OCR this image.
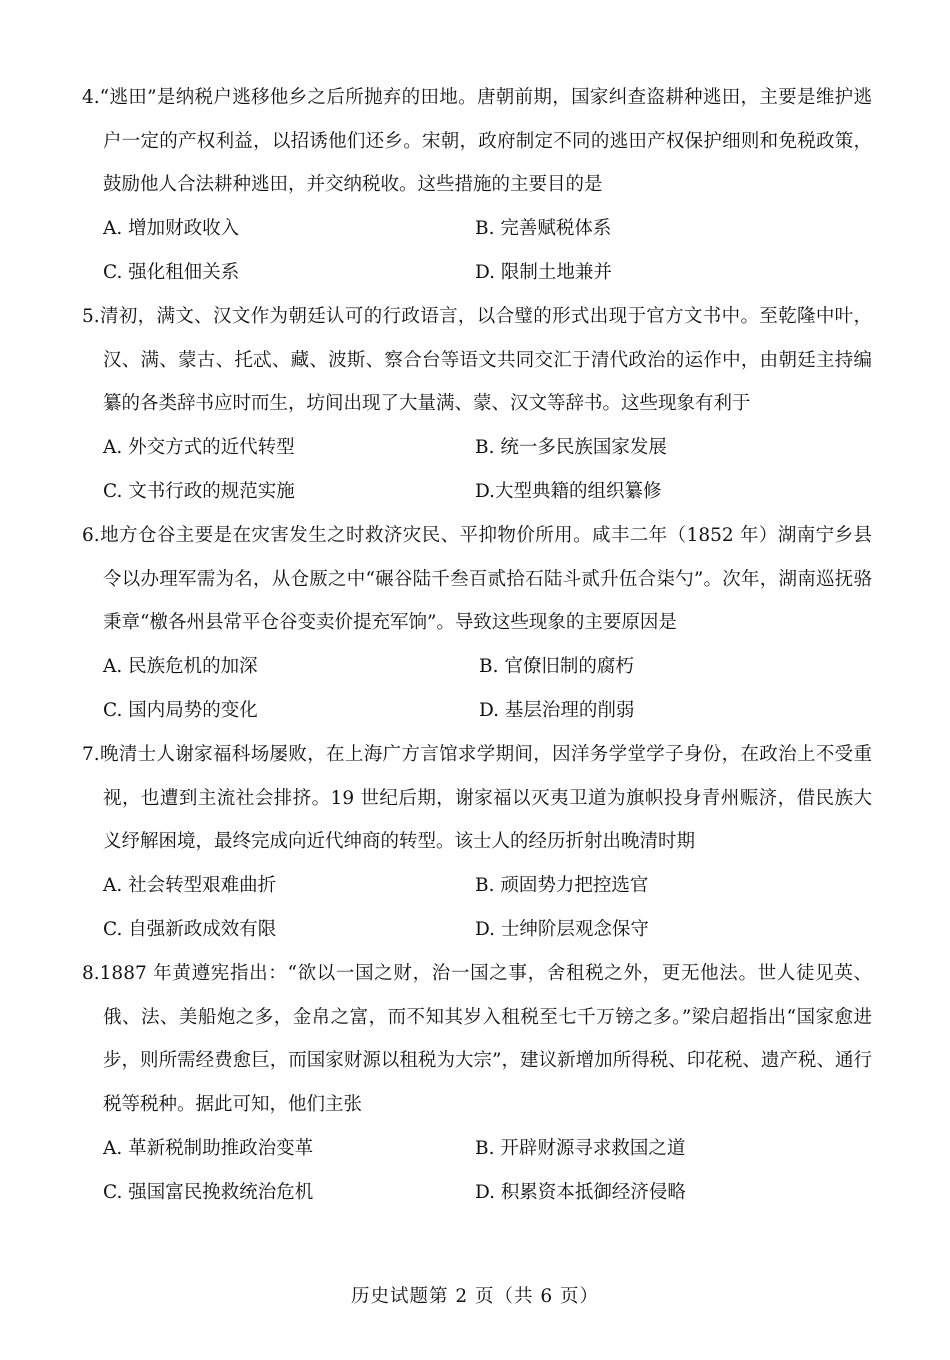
4.“逃田”是纳税户逃移他乡之后所抛弃的田地。唐朝前期，国家纠查盗耕种逃田，主要是维护逃户一定的产权利益，以招诱他们还乡。宋朝，政府制定不同的逃田产权保护细则和免税政策，鼓励他人合法耕种逃田，并交纳税收。这些措施的主要目的是
A. 增加财政收入	B. 完善赋税体系
C. 强化租佃关系	D. 限制土地兼并
5.清初，满文、汉文作为朝廷认可的行政语言，以合璧的形式出现于官方文书中。至乾隆中叶，汉、满、蒙古、托忒、藏、波斯、察合台等语文共同交汇于清代政治的运作中，由朝廷主持编纂的各类辞书应时而生，坊间出现了大量满、蒙、汉文等辞书。这些现象有利于
A. 外交方式的近代转型	B. 统一多民族国家发展
C. 文书行政的规范实施	D.大型典籍的组织纂修
6.地方仓谷主要是在灾害发生之时救济灾民、平抑物价所用。咸丰二年（1852 年）湖南宁乡县令以办理军需为名，从仓厫之中“碾谷陆千叁百贰拾石陆斗贰升伍合柒勺”。次年，湖南巡抚骆秉章“檄各州县常平仓谷变卖价提充军饷”。导致这些现象的主要原因是
A. 民族危机的加深	B. 官僚旧制的腐朽
C. 国内局势的变化	D. 基层治理的削弱
7.晚清士人谢家福科场屡败，在上海广方言馆求学期间，因洋务学堂学子身份，在政治上不受重视，也遭到主流社会排挤。19 世纪后期，谢家福以灭夷卫道为旗帜投身青州赈济，借民族大义纾解困境，最终完成向近代绅商的转型。该士人的经历折射出晚清时期
A. 社会转型艰难曲折	B. 顽固势力把控选官
C. 自强新政成效有限	D. 士绅阶层观念保守
8.1887 年黄遵宪指出：“欲以一国之财，治一国之事，舍租税之外，更无他法。世人徒见英、俄、法、美船炮之多，金帛之富，而不知其岁入租税至七千万镑之多。”梁启超指出“国家愈进步，则所需经费愈巨，而国家财源以租税为大宗”，建议新增加所得税、印花税、遗产税、通行税等税种。据此可知，他们主张
A. 革新税制助推政治变革	B. 开辟财源寻求救国之道
C. 强国富民挽救统治危机	D. 积累资本抵御经济侵略
历史试题第 2 页（共 6 页）
